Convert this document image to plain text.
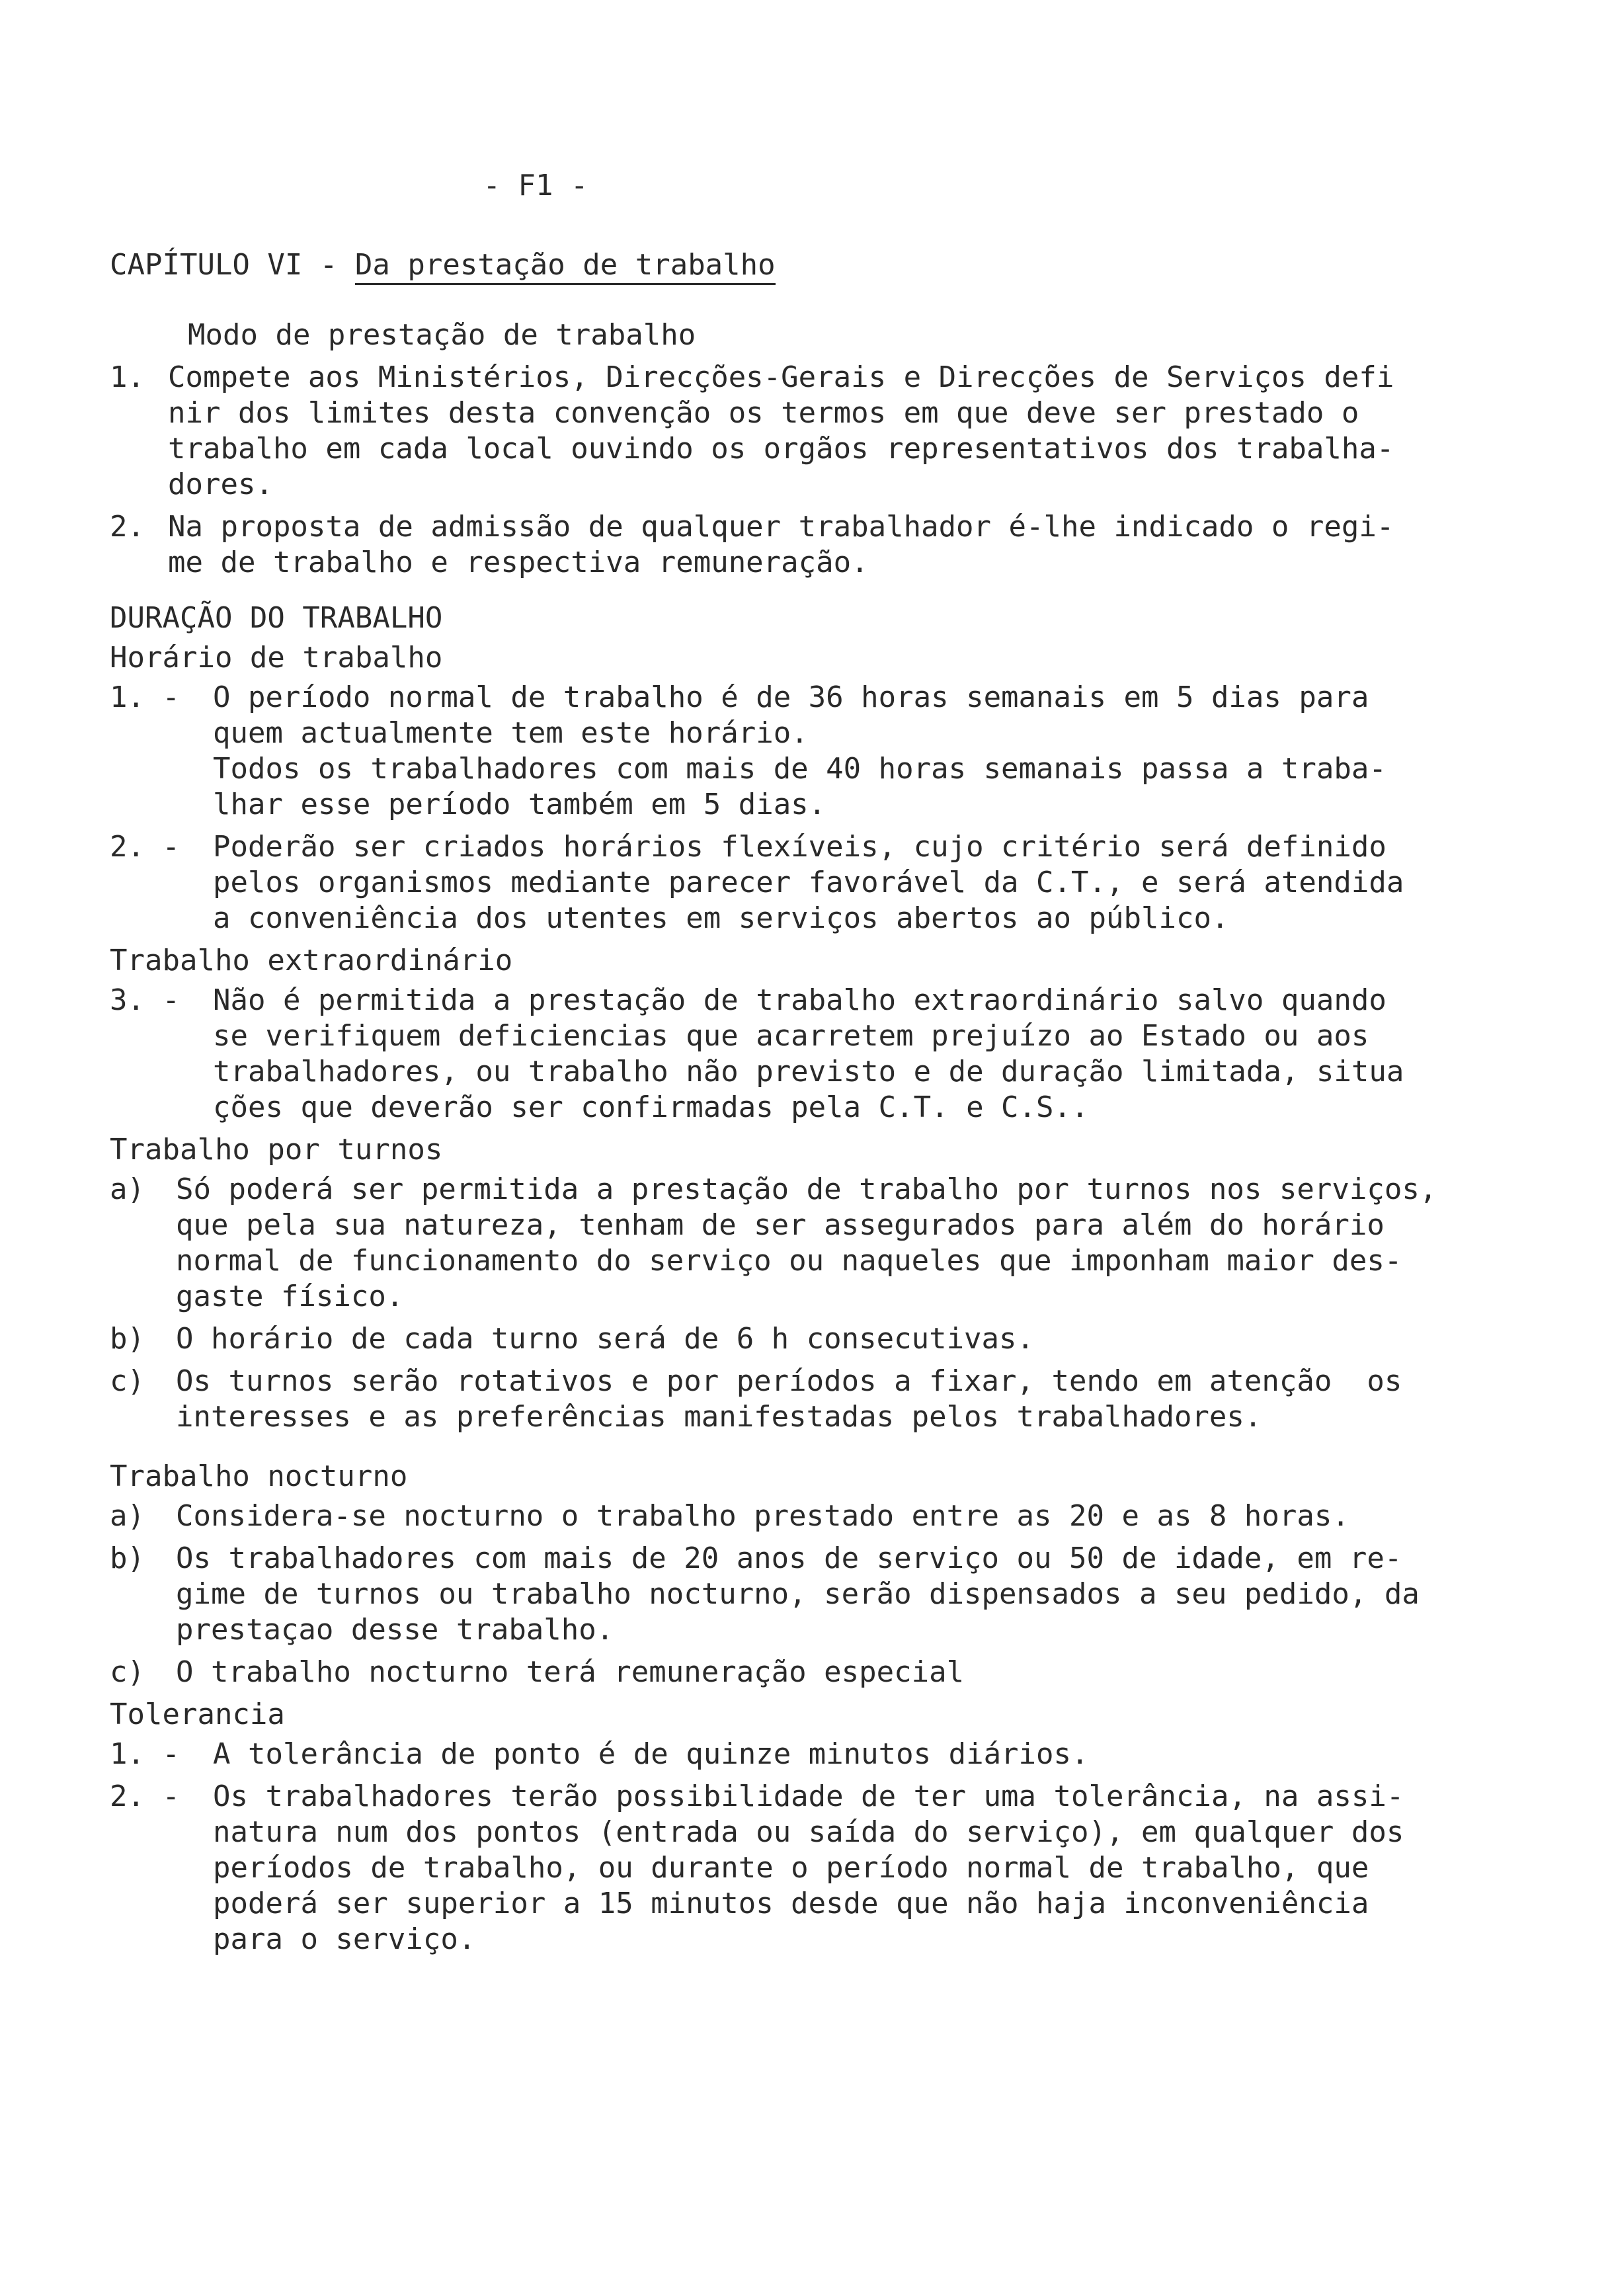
- F1 -
CAPÍTULO VI - Da prestação de trabalho
Modo de prestação de trabalho
1. Compete aos Ministérios, Direcções-Gerais e Direcções de Serviços defi
nir dos limites desta convenção os termos em que deve ser prestado o
trabalho em cada local ouvindo os orgãos representativos dos trabalha-
dores.
2. Na proposta de admissão de qualquer trabalhador é-lhe indicado o regi-
me de trabalho e respectiva remuneração.
DURAÇÃO DO TRABALHO
Horário de trabalho
1. -	O período normal de trabalho é de 36 horas semanais em 5 dias para
quem actualmente tem este horário.
Todos os trabalhadores com mais de 40 horas semanais passa a traba-
lhar esse período também em 5 dias.
2. -	Poderão ser criados horários flexíveis, cujo critério será definido
pelos organismos mediante parecer favorável da C.T., e será atendida
a conveniência dos utentes em serviços abertos ao público.
Trabalho extraordinário
3. -	Não é permitida a prestação de trabalho extraordinário salvo quando
se verifiquem deficiencias que acarretem prejuízo ao Estado ou aos
trabalhadores, ou trabalho não previsto e de duração limitada, situa
ções que deverão ser confirmadas pela C.T. e C.S..
Trabalho por turnos
a)	Só poderá ser permitida a prestação de trabalho por turnos nos serviços,
que pela sua natureza, tenham de ser assegurados para além do horário
normal de funcionamento do serviço ou naqueles que imponham maior des-
gaste físico.
b)	O horário de cada turno será de 6 h consecutivas.
c)	Os turnos serão rotativos e por períodos a fixar, tendo em atenção  os
interesses e as preferências manifestadas pelos trabalhadores.
Trabalho nocturno
a)	Considera-se nocturno o trabalho prestado entre as 20 e as 8 horas.
b)	Os trabalhadores com mais de 20 anos de serviço ou 50 de idade, em re-
gime de turnos ou trabalho nocturno, serão dispensados a seu pedido, da
prestaçao desse trabalho.
c)	O trabalho nocturno terá remuneração especial
Tolerancia
1. -	A tolerância de ponto é de quinze minutos diários.
2. -	Os trabalhadores terão possibilidade de ter uma tolerância, na assi-
natura num dos pontos (entrada ou saída do serviço), em qualquer dos
períodos de trabalho, ou durante o período normal de trabalho, que
poderá ser superior a 15 minutos desde que não haja inconveniência
para o serviço.
